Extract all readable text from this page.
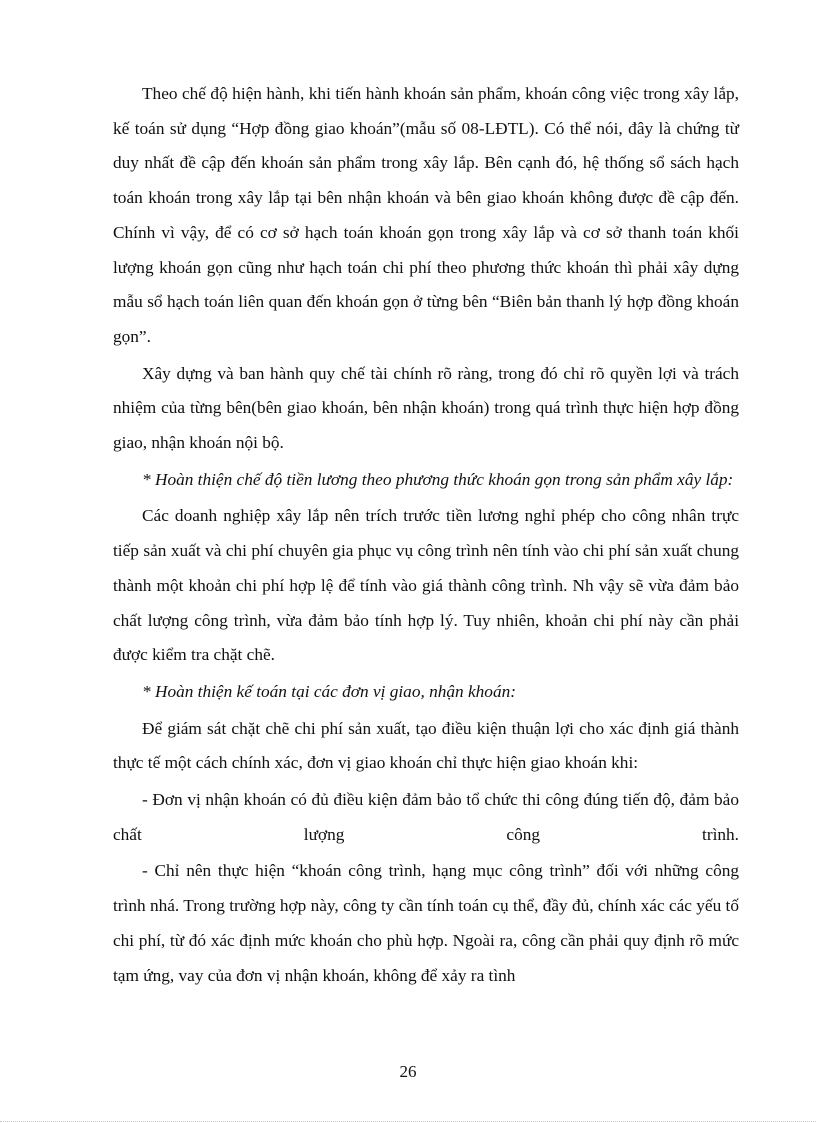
Theo chế độ hiện hành, khi tiến hành khoán sản phẩm, khoán công việc trong xây lắp, kế toán sử dụng “Hợp đồng giao khoán”(mẫu số 08-LĐTL). Có thể nói, đây là chứng từ duy nhất đề cập đến khoán sản phẩm trong xây lắp. Bên cạnh đó, hệ thống sổ sách hạch toán khoán trong xây lắp tại bên nhận khoán và bên giao khoán không được đề cập đến. Chính vì vậy, để có cơ sở hạch toán khoán gọn trong xây lắp và cơ sở thanh toán khối lượng khoán gọn cũng như hạch toán chi phí theo phương thức khoán thì phải xây dựng mẫu sổ hạch toán liên quan đến khoán gọn ở từng bên “Biên bản thanh lý hợp đồng khoán gọn”.

Xây dựng và ban hành quy chế tài chính rõ ràng, trong đó chỉ rõ quyền lợi và trách nhiệm của từng bên(bên giao khoán, bên nhận khoán) trong quá trình thực hiện hợp đồng giao, nhận khoán nội bộ.

* Hoàn thiện chế độ tiền lương theo phương thức khoán gọn trong sản phẩm xây lắp:

Các doanh nghiệp xây lắp nên trích trước tiền lương nghỉ phép cho công nhân trực tiếp sản xuất và chi phí chuyên gia phục vụ công trình nên tính vào chi phí sản xuất chung thành một khoản chi phí hợp lệ để tính vào giá thành công trình. Nh vậy sẽ vừa đảm bảo chất lượng công trình, vừa đảm bảo tính hợp lý. Tuy nhiên, khoản chi phí này cần phải được kiểm tra chặt chẽ.

* Hoàn thiện kế toán tại các đơn vị giao, nhận khoán:

Để giám sát chặt chẽ chi phí sản xuất, tạo điều kiện thuận lợi cho xác định giá thành thực tế một cách chính xác, đơn vị giao khoán chỉ thực hiện giao khoán khi:

- Đơn vị nhận khoán có đủ điều kiện đảm bảo tổ chức thi công đúng tiến độ, đảm bảo chất lượng công trình.

- Chỉ nên thực hiện “khoán công trình, hạng mục công trình” đối với những công trình nhá. Trong trường hợp này, công ty cần tính toán cụ thể, đầy đủ, chính xác các yếu tố chi phí, từ đó xác định mức khoán cho phù hợp. Ngoài ra, công cần phải quy định rõ mức tạm ứng, vay của đơn vị nhận khoán, không để xảy ra tình

26
